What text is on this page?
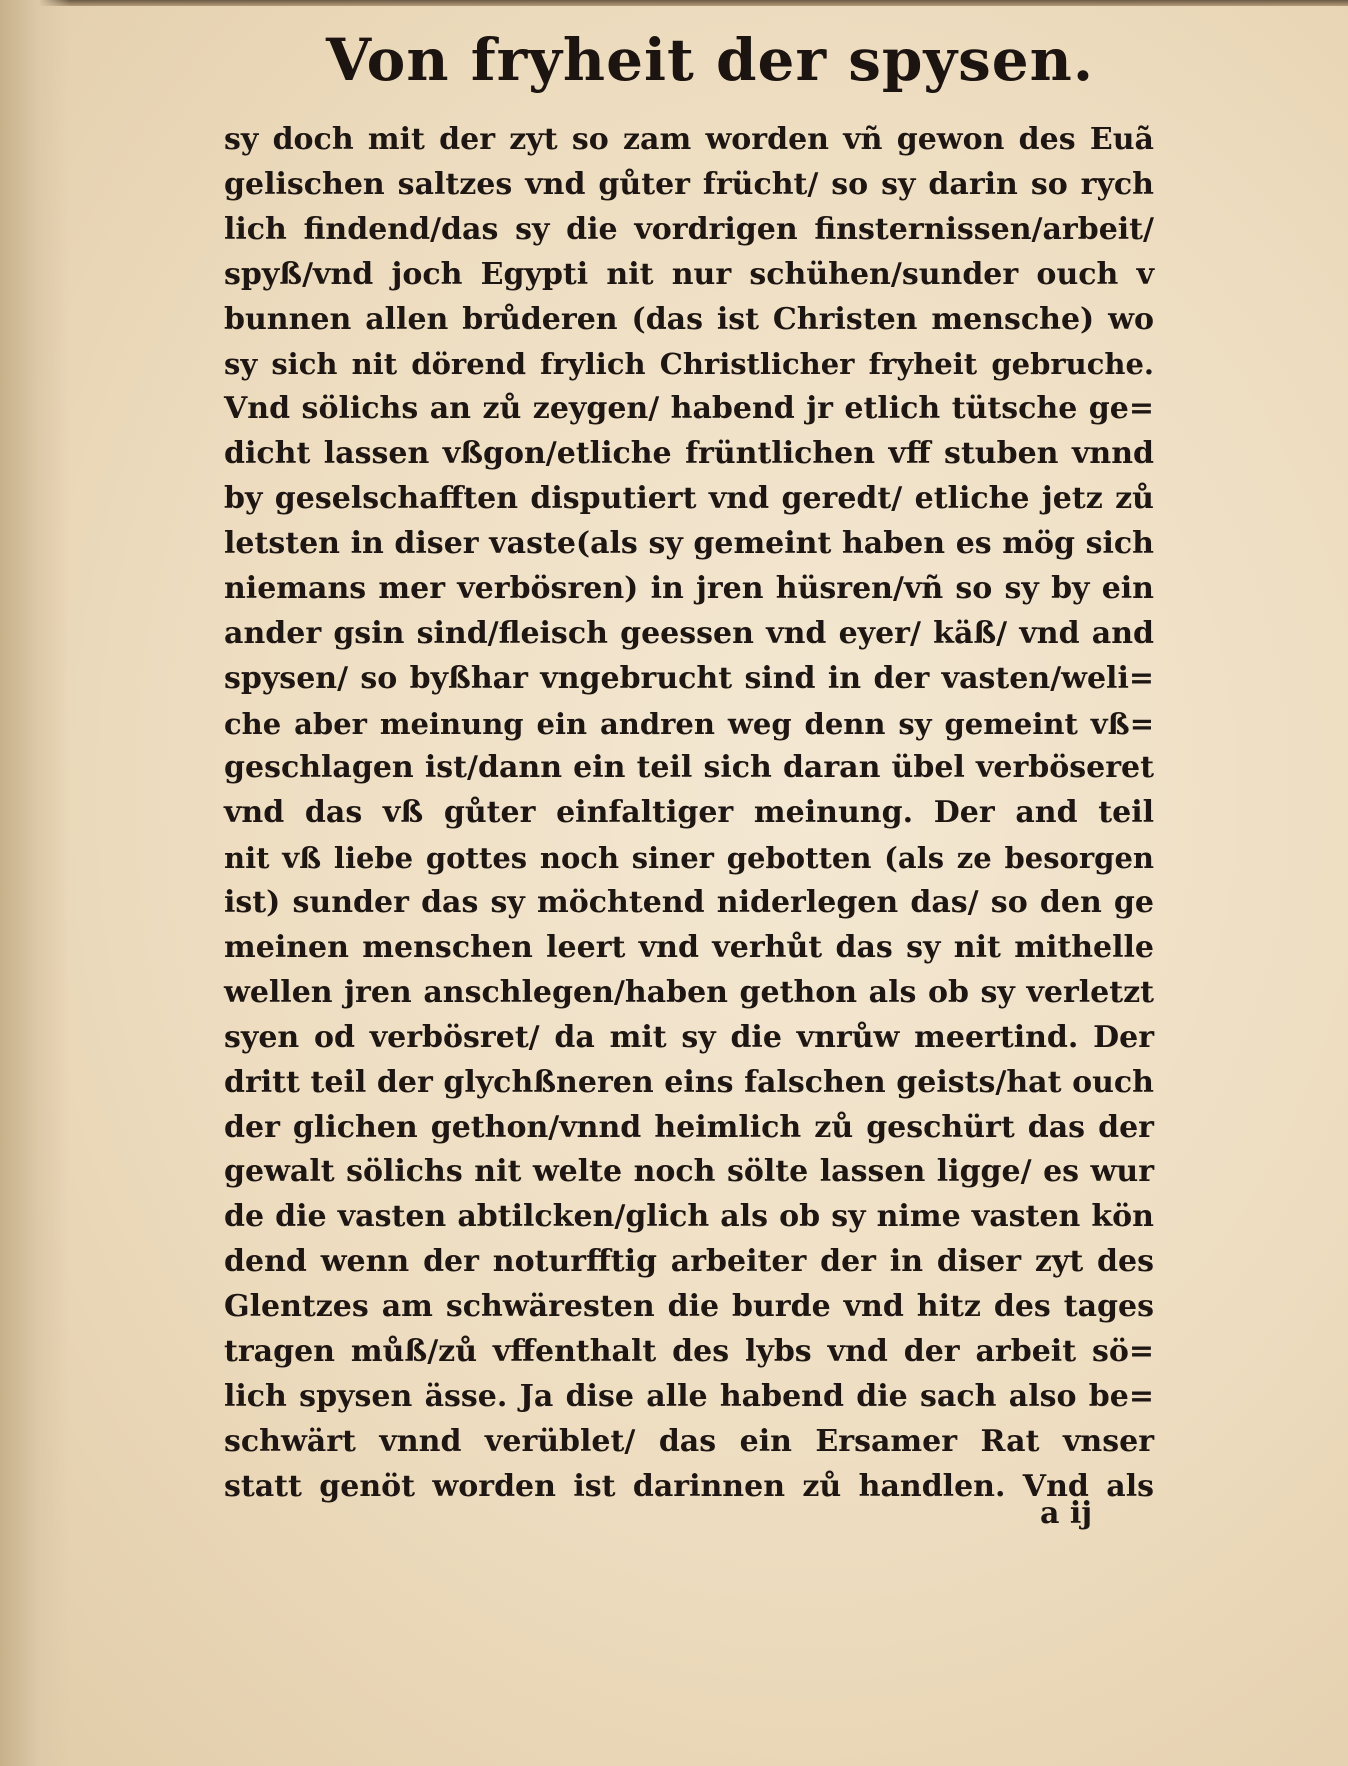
Von fryheit der spysen.
sy doch mit der zyt so zam worden vñ gewon des Euã
gelischen saltzes vnd gůter frücht/ so sy darin so rych
lich findend/das sy die vordrigen finsternissen/arbeit/
spyß/vnd joch Egypti nit nur schühen/sunder ouch v
bunnen allen brůderen (das ist Christen mensche) wo
sy sich nit dörend frylich Christlicher fryheit gebruche.
Vnd sölichs an zů zeygen/ habend jr etlich tütsche ge=
dicht lassen vßgon/etliche früntlichen vff stuben vnnd
by geselschafften disputiert vnd geredt/ etliche jetz zů
letsten in diser vaste(als sy gemeint haben es mög sich
niemans mer verbösren) in jren hüsren/vñ so sy by ein
ander gsin sind/fleisch geessen vnd eyer/ käß/ vnd and
spysen/ so byßhar vngebrucht sind in der vasten/weli=
che aber meinung ein andren weg denn sy gemeint vß=
geschlagen ist/dann ein teil sich daran übel verböseret
vnd das vß gůter einfaltiger meinung. Der and teil
nit vß liebe gottes noch siner gebotten (als ze besorgen
ist) sunder das sy möchtend niderlegen das/ so den ge
meinen menschen leert vnd verhůt das sy nit mithelle
wellen jren anschlegen/haben gethon als ob sy verletzt
syen od verbösret/ da mit sy die vnrůw meertind. Der
dritt teil der glychßneren eins falschen geists/hat ouch
der glichen gethon/vnnd heimlich zů geschürt das der
gewalt sölichs nit welte noch sölte lassen ligge/ es wur
de die vasten abtilcken/glich als ob sy nime vasten kön
dend wenn der noturfftig arbeiter der in diser zyt des
Glentzes am schwäresten die burde vnd hitz des tages
tragen můß/zů vffenthalt des lybs vnd der arbeit sö=
lich spysen ässe. Ja dise alle habend die sach also be=
schwärt vnnd verüblet/ das ein Ersamer Rat vnser
statt genöt worden ist darinnen zů handlen. Vnd als
a ij
